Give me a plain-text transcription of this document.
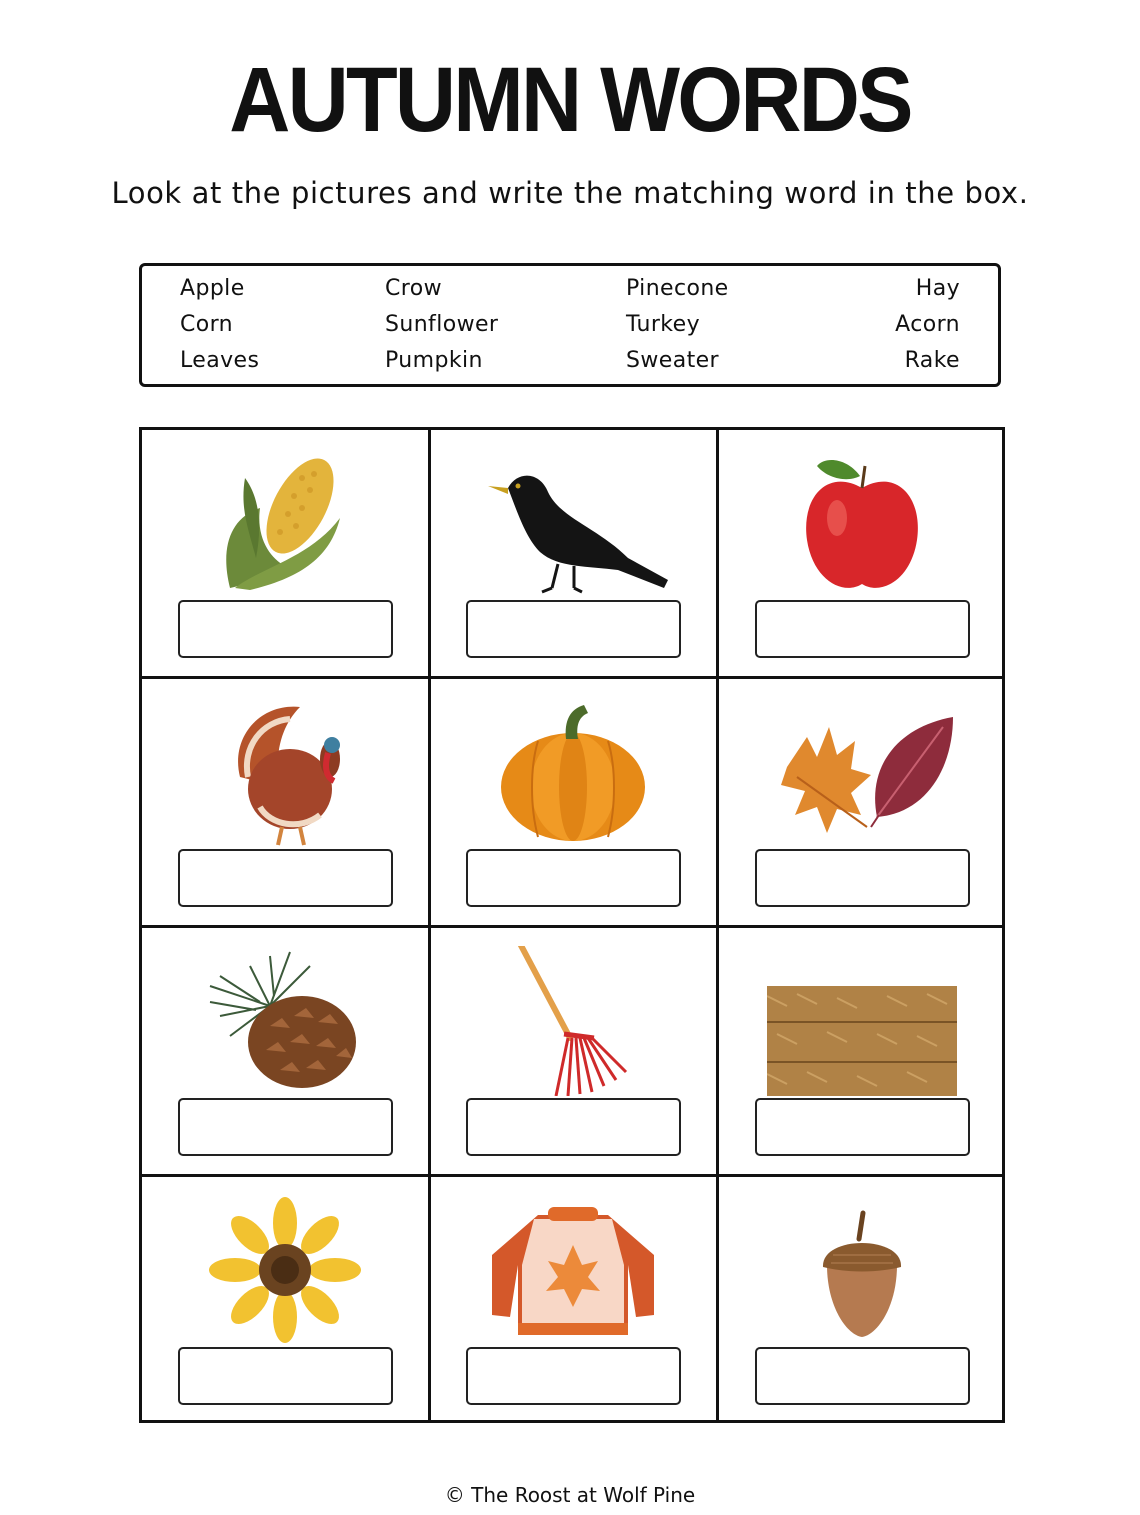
AUTUMN WORDS
Look at the pictures and write the matching word in the box.
Apple
Corn
Leaves
Crow
Sunflower
Pumpkin
Pinecone
Turkey
Sweater
Hay
Acorn
Rake
© The Roost at Wolf Pine
